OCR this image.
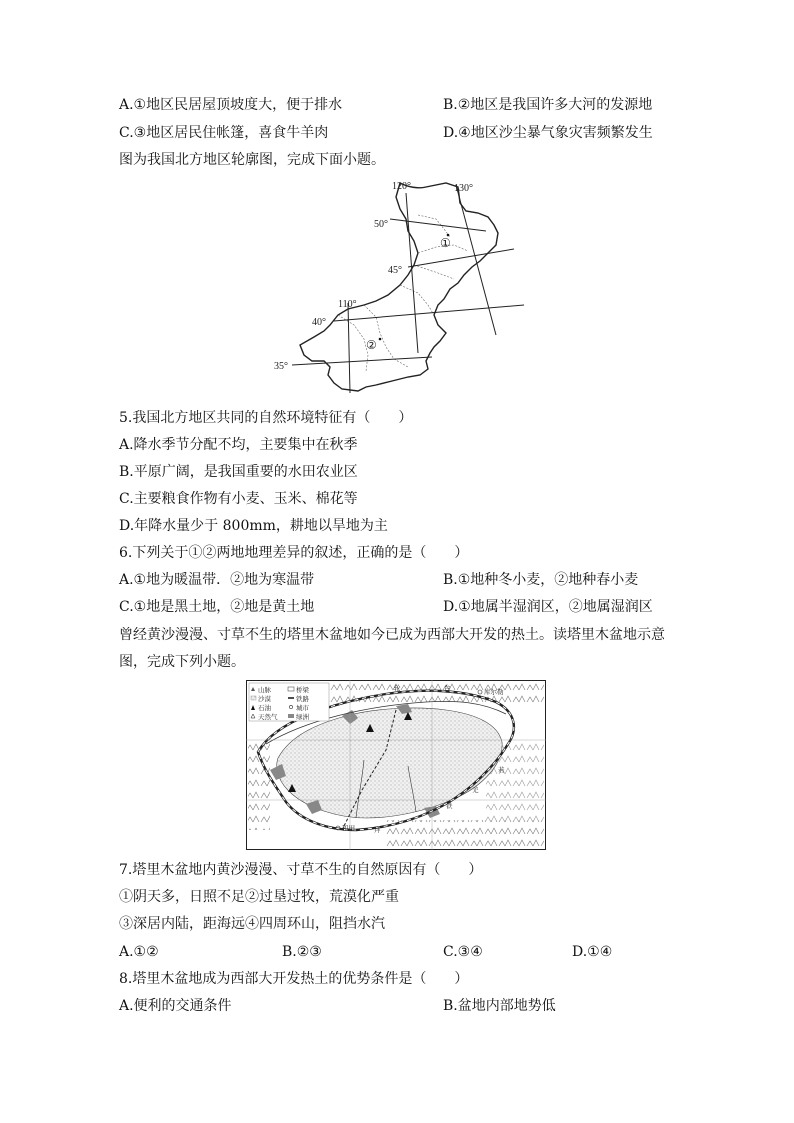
A.①地区民居屋顶坡度大，便于排水	B.②地区是我国许多大河的发源地
C.③地区居民住帐篷，喜食牛羊肉	D.④地区沙尘暴气象灾害频繁发生
图为我国北方地区轮廓图，完成下面小题。
120°	130°
110°
50°
45°
40°
35°
①
②
5.我国北方地区共同的自然环境特征有（　　）
A.降水季节分配不均，主要集中在秋季
B.平原广阔，是我国重要的水田农业区
C.主要粮食作物有小麦、玉米、棉花等
D.年降水量少于 800mm，耕地以旱地为主
6.下列关于①②两地地理差异的叙述，正确的是（　　）
A.①地为暖温带．②地为寒温带	B.①地种冬小麦，②地种春小麦
C.①地是黑土地，②地是黄土地	D.①地属半湿润区，②地属湿润区
曾经黄沙漫漫、寸草不生的塔里木盆地如今已成为西部大开发的热土。读塔里木盆地示意
图，完成下列小题。
山脉	桥梁
沙漠	铁路
石油	城市
天然气	绿洲
轮	台	库尔勒
和田
若
羌
铁
拜
7.塔里木盆地内黄沙漫漫、寸草不生的自然原因有（　　）
①阴天多，日照不足②过垦过牧，荒漠化严重
③深居内陆，距海远④四周环山，阻挡水汽
A.①②	B.②③	C.③④	D.①④
8.塔里木盆地成为西部大开发热土的优势条件是（　　）
A.便利的交通条件	B.盆地内部地势低
